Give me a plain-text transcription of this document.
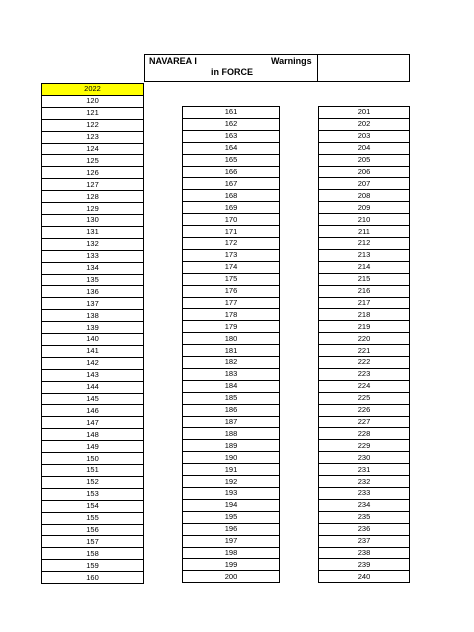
NAVAREA I	Warnings
in FORCE
2022
120
121
122
123
124
125
126
127
128
129
130
131
132
133
134
135
136
137
138
139
140
141
142
143
144
145
146
147
148
149
150
151
152
153
154
155
156
157
158
159
160
161
162
163
164
165
166
167
168
169
170
171
172
173
174
175
176
177
178
179
180
181
182
183
184
185
186
187
188
189
190
191
192
193
194
195
196
197
198
199
200
201
202
203
204
205
206
207
208
209
210
211
212
213
214
215
216
217
218
219
220
221
222
223
224
225
226
227
228
229
230
231
232
233
234
235
236
237
238
239
240
